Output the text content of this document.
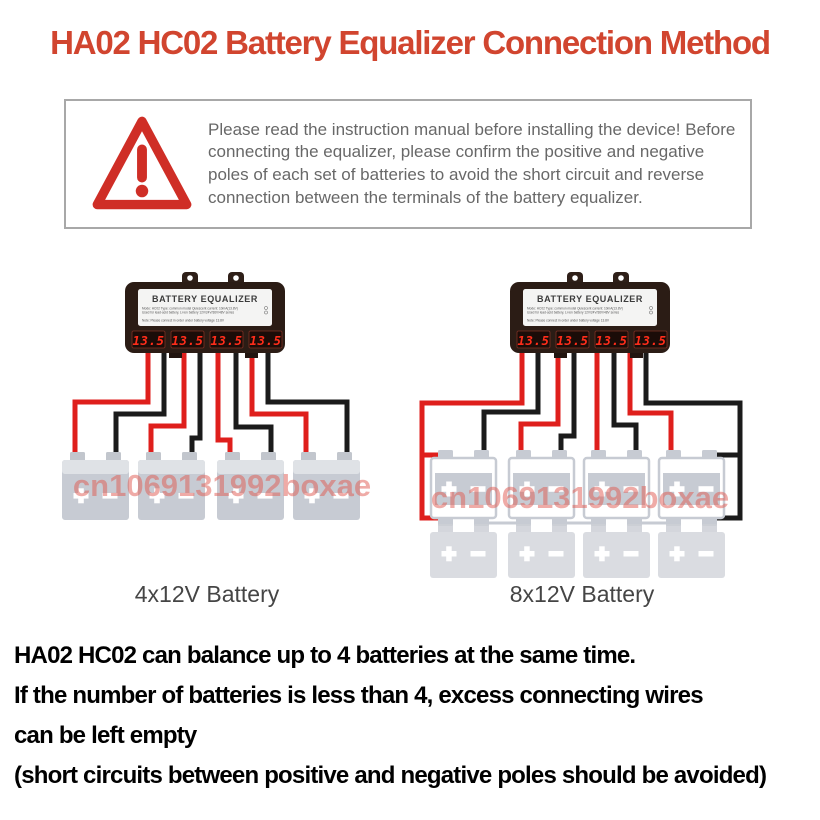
HA02 HC02 Battery Equalizer Connection Method
Please read the instruction manual before installing the device! Before connecting the equalizer, please confirm the positive and negative poles of each set of batteries to avoid the short circuit and reverse connection between the terminals of the battery equalizer.
BATTERY EQUALIZER
Mode: HC02 Type: common model Quiescent current: 10mA(13.8V)
Used for lead-acid battery, Li-ion battery 12V/24V/36V/48V series
Note: Please connect in order under battery voltage 13.8V
13.5 13.5 13.5 13.5
BATTERY EQUALIZER
Mode: HC02 Type: common model Quiescent current: 10mA(13.8V)
Used for lead-acid battery, Li-ion battery 12V/24V/36V/48V series
Note: Please connect in order under battery voltage 13.8V
13.5 13.5 13.5 13.5
cn1069131992boxae cn1069131992boxae
4x12V Battery	8x12V Battery
HA02 HC02 can balance up to 4 batteries at the same time.
If the number of batteries is less than 4, excess connecting wires
can be left empty
(short circuits between positive and negative poles should be avoided)
